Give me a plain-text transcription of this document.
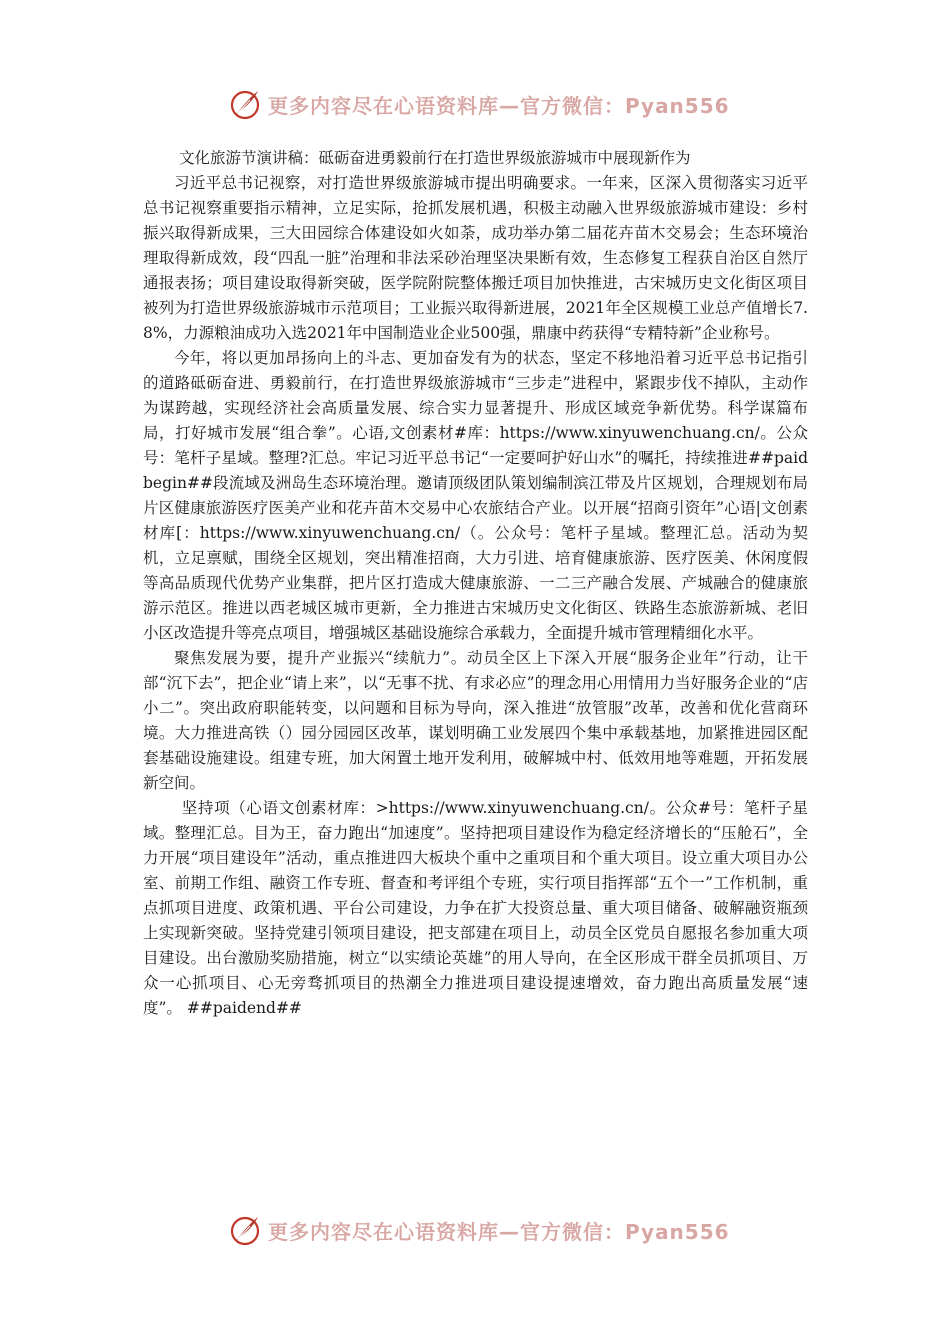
更多内容尽在心语资料库—官方微信：Pyan556

文化旅游节演讲稿：砥砺奋进勇毅前行在打造世界级旅游城市中展现新作为

习近平总书记视察，对打造世界级旅游城市提出明确要求。一年来，区深入贯彻落实习近平总书记视察重要指示精神，立足实际，抢抓发展机遇，积极主动融入世界级旅游城市建设：乡村振兴取得新成果，三大田园综合体建设如火如荼，成功举办第二届花卉苗木交易会；生态环境治理取得新成效，段“四乱一脏”治理和非法采砂治理坚决果断有效，生态修复工程获自治区自然厅通报表扬；项目建设取得新突破，医学院附院整体搬迁项目加快推进，古宋城历史文化街区项目被列为打造世界级旅游城市示范项目；工业振兴取得新进展，2021年全区规模工业总产值增长7.8%，力源粮油成功入选2021年中国制造业企业500强，鼎康中药获得“专精特新”企业称号。

今年，将以更加昂扬向上的斗志、更加奋发有为的状态，坚定不移地沿着习近平总书记指引的道路砥砺奋进、勇毅前行，在打造世界级旅游城市“三步走”进程中，紧跟步伐不掉队，主动作为谋跨越，实现经济社会高质量发展、综合实力显著提升、形成区域竞争新优势。科学谋篇布局，打好城市发展“组合拳”。心语,文创素材#库：https://www.xinyuwenchuang.cn/。公众号：笔杆子星域。整理?汇总。牢记习近平总书记“一定要呵护好山水”的嘱托，持续推进##paidbegin##段流域及洲岛生态环境治理。邀请顶级团队策划编制滨江带及片区规划，合理规划布局片区健康旅游医疗医美产业和花卉苗木交易中心农旅结合产业。以开展“招商引资年”心语|文创素材库[：https://www.xinyuwenchuang.cn/（。公众号：笔杆子星域。整理汇总。活动为契机，立足禀赋，围绕全区规划，突出精准招商，大力引进、培育健康旅游、医疗医美、休闲度假等高品质现代优势产业集群，把片区打造成大健康旅游、一二三产融合发展、产城融合的健康旅游示范区。推进以西老城区城市更新，全力推进古宋城历史文化街区、铁路生态旅游新城、老旧小区改造提升等亮点项目，增强城区基础设施综合承载力，全面提升城市管理精细化水平。

聚焦发展为要，提升产业振兴“续航力”。动员全区上下深入开展“服务企业年”行动，让干部“沉下去”，把企业“请上来”，以“无事不扰、有求必应”的理念用心用情用力当好服务企业的“店小二”。突出政府职能转变，以问题和目标为导向，深入推进“放管服”改革，改善和优化营商环境。大力推进高铁（）园分园园区改革，谋划明确工业发展四个集中承载基地，加紧推进园区配套基础设施建设。组建专班，加大闲置土地开发利用，破解城中村、低效用地等难题，开拓发展新空间。

坚持项（心语文创素材库：>https://www.xinyuwenchuang.cn/。公众#号：笔杆子星域。整理汇总。目为王，奋力跑出“加速度”。坚持把项目建设作为稳定经济增长的“压舱石”，全力开展“项目建设年”活动，重点推进四大板块个重中之重项目和个重大项目。设立重大项目办公室、前期工作组、融资工作专班、督查和考评组个专班，实行项目指挥部“五个一”工作机制，重点抓项目进度、政策机遇、平台公司建设，力争在扩大投资总量、重大项目储备、破解融资瓶颈上实现新突破。坚持党建引领项目建设，把支部建在项目上，动员全区党员自愿报名参加重大项目建设。出台激励奖励措施，树立“以实绩论英雄”的用人导向，在全区形成干群全员抓项目、万众一心抓项目、心无旁骛抓项目的热潮全力推进项目建设提速增效，奋力跑出高质量发展“速度”。 ##paidend##

更多内容尽在心语资料库—官方微信：Pyan556
